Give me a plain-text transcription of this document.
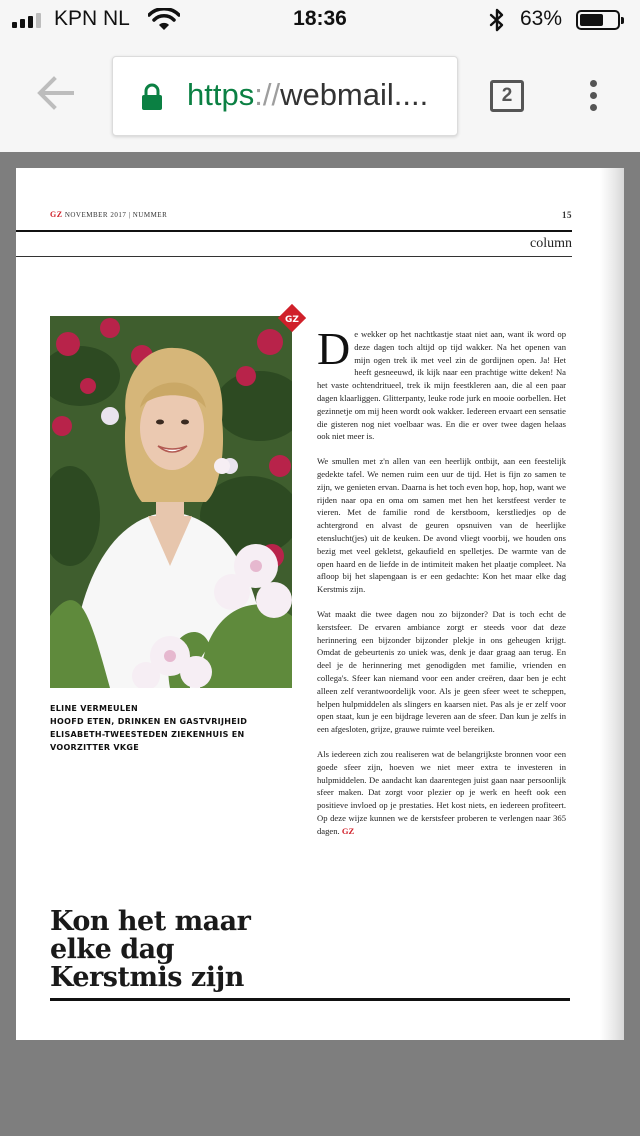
KPN NL	18:36	63%
https://webmail....	2
GZ NOVEMBER 2017 | NUMMER	15
column
GZ
ELINE VERMEULEN
HOOFD ETEN, DRINKEN EN GASTVRIJHEID
ELISABETH-TWEESTEDEN ZIEKENHUIS EN
VOORZITTER VKGE

De wekker op het nachtkastje staat niet aan, want ik word op deze dagen toch altijd op tijd wakker. Na het openen van mijn ogen trek ik met veel zin de gordijnen open. Ja! Het heeft gesneeuwd, ik kijk naar een prachtige witte deken! Na het vaste ochtendritueel, trek ik mijn feestkleren aan, die al een paar dagen klaarliggen. Glitterpanty, leuke rode jurk en mooie oorbellen. Het gezinnetje om mij heen wordt ook wakker. Iedereen ervaart een sensatie die gisteren nog niet voelbaar was. En die er over twee dagen helaas ook niet meer is.

We smullen met z'n allen van een heerlijk ontbijt, aan een feestelijk gedekte tafel. We nemen ruim een uur de tijd. Het is fijn zo samen te zijn, we genieten ervan. Daarna is het toch even hop, hop, hop, want we rijden naar opa en oma om samen met hen het kerstfeest verder te vieren. Met de familie rond de kerstboom, kerstliedjes op de achtergrond en alvast de geuren opsnuiven van de heerlijke etenslucht(jes) uit de keuken. De avond vliegt voorbij, we houden ons bezig met veel gekletst, gekaufield en spelletjes. De warmte van de open haard en de liefde in de intimiteit maken het plaatje compleet. Na afloop bij het slapengaan is er een gedachte: Kon het maar elke dag Kerstmis zijn.

Wat maakt die twee dagen nou zo bijzonder? Dat is toch echt de kerstsfeer. De ervaren ambiance zorgt er steeds voor dat deze herinnering een bijzonder bijzonder plekje in ons geheugen krijgt. Omdat de gebeurtenis zo uniek was, denk je daar graag aan terug. En deel je de herinnering met genodigden met familie, vrienden en collega's. Sfeer kan niemand voor een ander creëren, daar ben je echt alleen zelf verantwoordelijk voor. Als je geen sfeer weet te scheppen, helpen hulpmiddelen als slingers en kaarsen niet. Pas als je er zelf voor open staat, kun je een bijdrage leveren aan de sfeer. Dan kun je zelfs in een afgesloten, grijze, grauwe ruimte veel bereiken.

Als iedereen zich zou realiseren wat de belangrijkste bronnen voor een goede sfeer zijn, hoeven we niet meer extra te investeren in hulpmiddelen. De aandacht kan daarentegen juist gaan naar persoonlijk sfeer maken. Dat zorgt voor plezier op je werk en heeft ook een positieve invloed op je prestaties. Het kost niets, en iedereen profiteert. Op deze wijze kunnen we de kerstsfeer proberen te verlengen naar 365 dagen. GZ

Kon het maar
elke dag
Kerstmis zijn
